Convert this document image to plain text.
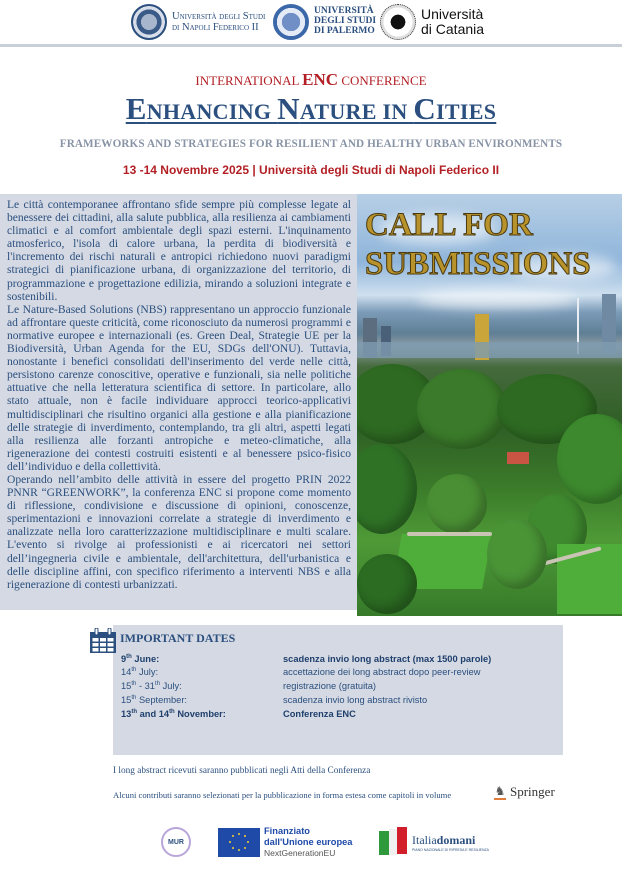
Università degli Studi
di Napoli Federico II
UNIVERSITÀ
DEGLI STUDI
DI PALERMO
Università
di Catania
INTERNATIONAL ENC CONFERENCE
ENHANCING NATURE IN CITIES
FRAMEWORKS AND STRATEGIES FOR RESILIENT AND HEALTHY URBAN ENVIRONMENTS
13 -14 Novembre 2025 | Università degli Studi di Napoli Federico II

Le città contemporanee affrontano sfide sempre più complesse legate al benessere dei cittadini, alla salute pubblica, alla resilienza ai cambiamenti climatici e al comfort ambientale degli spazi esterni. L'inquinamento atmosferico, l'isola di calore urbana, la perdita di biodiversità e l'incremento dei rischi naturali e antropici richiedono nuovi paradigmi strategici di pianificazione urbana, di organizzazione del territorio, di programmazione e progettazione edilizia, mirando a soluzioni integrate e sostenibili.

Le Nature-Based Solutions (NBS) rappresentano un approccio funzionale ad affrontare queste criticità, come riconosciuto da numerosi programmi e normative europee e internazionali (es. Green Deal, Strategie UE per la Biodiversità, Urban Agenda for the EU, SDGs dell'ONU). Tuttavia, nonostante i benefici consolidati dell'inserimento del verde nelle città, persistono carenze conoscitive, operative e funzionali, sia nelle politiche attuative che nella letteratura scientifica di settore. In particolare, allo stato attuale, non è facile individuare approcci teorico-applicativi multidisciplinari che risultino organici alla gestione e alla pianificazione delle strategie di inverdimento, contemplando, tra gli altri, aspetti legati alla resilienza alle forzanti antropiche e meteo-climatiche, alla rigenerazione dei contesti costruiti esistenti e al benessere psico-fisico dell’individuo e della collettività.

Operando nell’ambito delle attività in essere del progetto PRIN 2022 PNNR “GREENWORK”, la conferenza ENC si propone come momento di riflessione, condivisione e discussione di opinioni, conoscenze, sperimentazioni e innovazioni correlate a strategie di inverdimento e analizzate nella loro caratterizzazione multidisciplinare e multi scalare. L'evento si rivolge ai professionisti e ai ricercatori nei settori dell’ingegneria civile e ambientale, dell'architettura, dell'urbanistica e delle discipline affini, con specifico riferimento a interventi NBS e alla rigenerazione di contesti urbanizzati.

CALL FOR
SUBMISSIONS
IMPORTANT DATES
9th June:	scadenza invio long abstract (max 1500 parole)
14th July:	accettazione dei long abstract dopo peer-review
15th - 31th July:	registrazione (gratuita)
15th September:	scadenza invio long abstract rivisto
13th and 14th November:	Conferenza ENC
I long abstract ricevuti saranno pubblicati negli Atti della Conferenza
Alcuni contributi saranno selezionati per la pubblicazione in forma estesa come capitoli in volume	♞ Springer
MUR
Finanziato
dall'Unione europea
NextGenerationEU
Italiadomani
PIANO NAZIONALE DI RIPRESA E RESILIENZA
